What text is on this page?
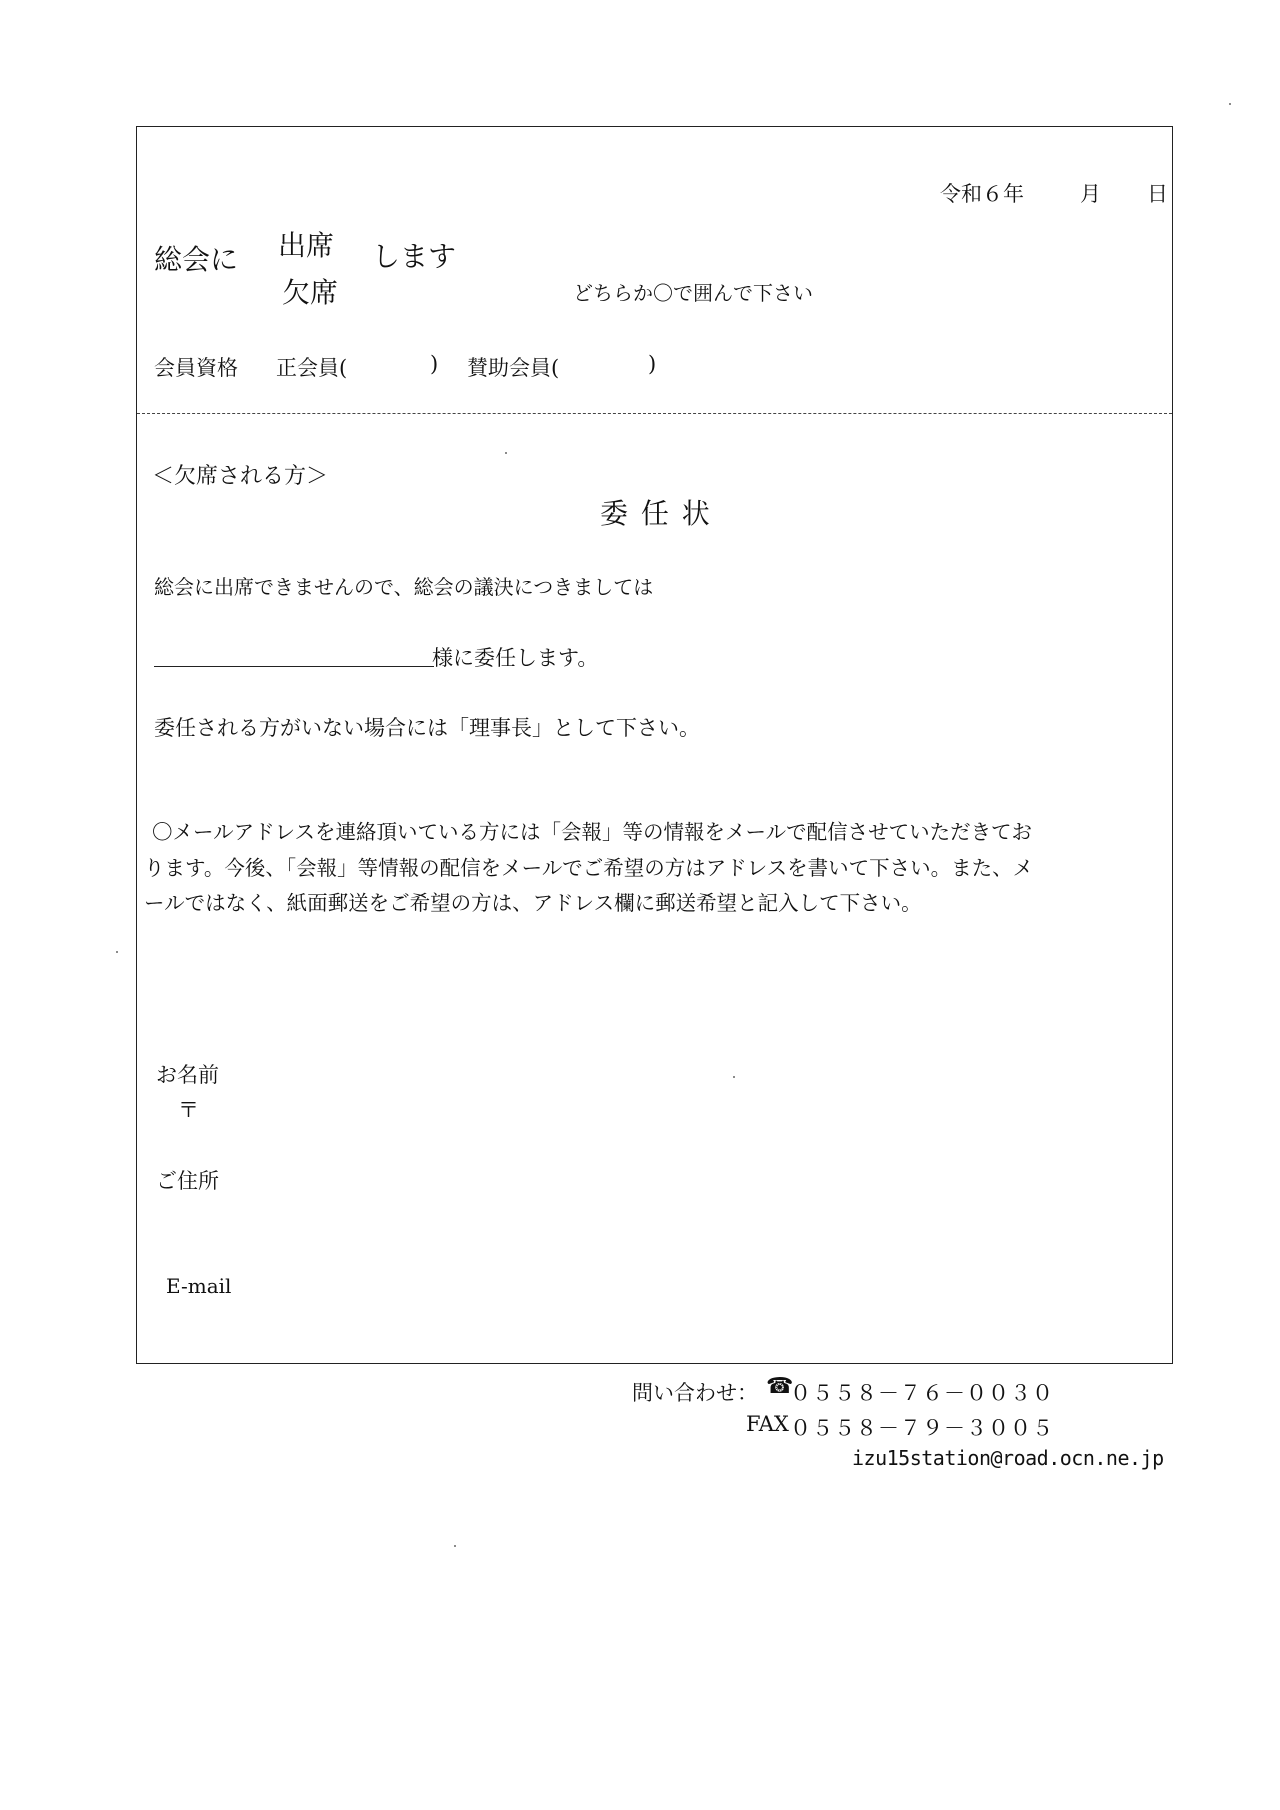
令和６年	月 日
総会に 出席
欠席
します
どちらか〇で囲んで下さい
会員資格 正会員(	) 賛助会員(	)
＜欠席される方＞
委 任 状
総会に出席できませんので、総会の議決につきましては
様に委任します。
委任される方がいない場合には「理事長」として下さい。
〇メールアドレスを連絡頂いている方には「会報」等の情報をメールで配信させていただきてお
ります。今後、「会報」等情報の配信をメールでご希望の方はアドレスを書いて下さい。また、メ
ールではなく、紙面郵送をご希望の方は、アドレス欄に郵送希望と記入して下さい。
お名前
〒
ご住所
E-mail
問い合わせ： ☎
０５５８－７６－００３０
FAX ０５５８－７９－３００５
izu15station@road.ocn.ne.jp
